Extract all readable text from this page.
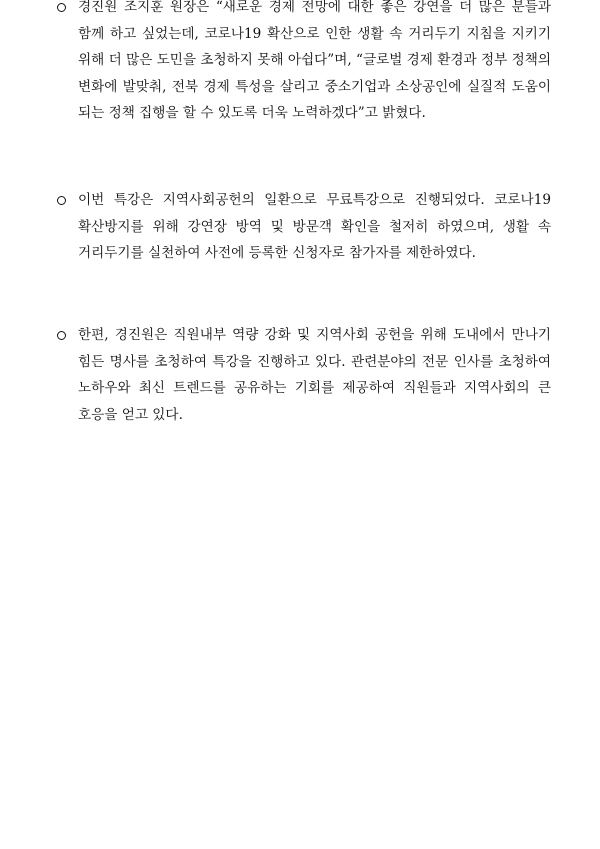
경진원 조지훈 원장은 “새로운 경제 전망에 대한 좋은 강연을 더 많은 분들과 함께 하고 싶었는데, 코로나19 확산으로 인한 생활 속 거리두기 지침을 지키기 위해 더 많은 도민을 초청하지 못해 아쉽다”며, “글로벌 경제 환경과 정부 정책의 변화에 발맞춰, 전북 경제 특성을 살리고 중소기업과 소상공인에 실질적 도움이 되는 정책 집행을 할 수 있도록 더욱 노력하겠다”고 밝혔다.
이번 특강은 지역사회공헌의 일환으로 무료특강으로 진행되었다. 코로나19 확산방지를 위해 강연장 방역 및 방문객 확인을 철저히 하였으며, 생활 속 거리두기를 실천하여 사전에 등록한 신청자로 참가자를 제한하였다.
한편, 경진원은 직원내부 역량 강화 및 지역사회 공헌을 위해 도내에서 만나기 힘든 명사를 초청하여 특강을 진행하고 있다. 관련분야의 전문 인사를 초청하여 노하우와 최신 트렌드를 공유하는 기회를 제공하여 직원들과 지역사회의 큰 호응을 얻고 있다.
